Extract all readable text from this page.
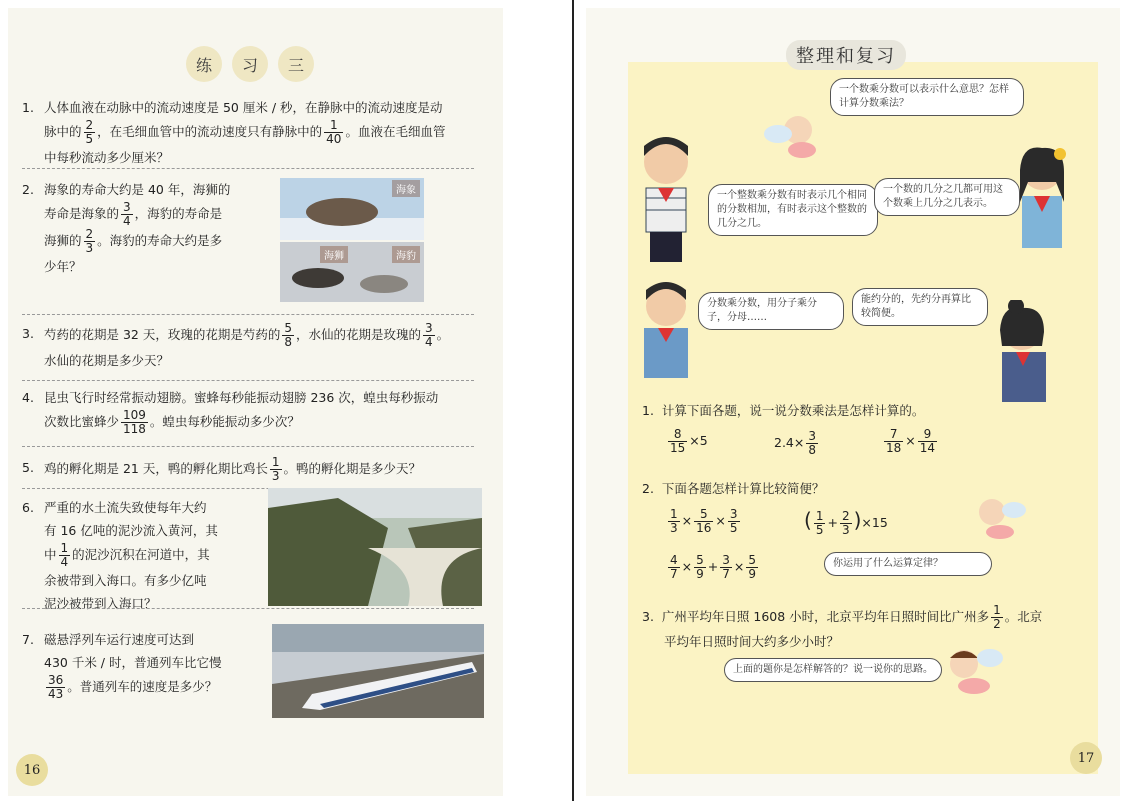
练	习	三
1. 人体血液在动脉中的流动速度是 50 厘米 / 秒，在静脉中的流动速度是动
脉中的 $\frac{2}{5}$ ，在毛细血管中的流动速度只有静脉中的 $\frac{1}{40}$ 。血液在毛细血管
中每秒流动多少厘米？
2. 海象的寿命大约是 40 年，海狮的
寿命是海象的 $\frac{3}{4}$ ，海豹的寿命是
海狮的 $\frac{2}{3}$ 。海豹的寿命大约是多
少年？
海象
海狮	海豹
3. 芍药的花期是 32 天，玫瑰的花期是芍药的 $\frac{5}{8}$ ，水仙的花期是玫瑰的 $\frac{3}{4}$ 。
水仙的花期是多少天？
4. 昆虫飞行时经常振动翅膀。蜜蜂每秒能振动翅膀 236 次，蝗虫每秒振动
次数比蜜蜂少 $\frac{109}{118}$ 。蝗虫每秒能振动多少次？
5. 鸡的孵化期是 21 天，鸭的孵化期比鸡长 $\frac{1}{3}$ 。鸭的孵化期是多少天？
6. 严重的水土流失致使每年大约
有 16 亿吨的泥沙流入黄河，其
中 $\frac{1}{4}$ 的泥沙沉积在河道中，其
余被带到入海口。有多少亿吨
泥沙被带到入海口？
7. 磁悬浮列车运行速度可达到
430 千米 / 时，普通列车比它慢
$\frac{36}{43}$ 。普通列车的速度是多少？
16
整理和复习
一个数乘分数可以表示什么意思？怎样计算分数乘法？
一个整数乘分数有时表示几个相同的分数相加，有时表示这个整数的几分之几。
一个数的几分之几都可用这个数乘上几分之几表示。
分数乘分数，用分子乘分子，分母……
能约分的，先约分再算比较简便。
1. 计算下面各题，说一说分数乘法是怎样计算的。
$\frac{8}{15} \times 5$	$2.4\times \frac{3}{8}$	$\frac{7}{18} \times \frac{9}{14}$
2. 下面各题怎样计算比较简便？
$\frac{1}{3} \times \frac{5}{16} \times \frac{3}{5}$	( $\frac{1}{5} + \frac{2}{3} )\times 15$
$\frac{4}{7} \times \frac{5}{9} + \frac{3}{7} \times \frac{5}{9}$	你运用了什么运算定律？
3. 广州平均年日照 1608 小时，北京平均年日照时间比广州多 $\frac{1}{2}$ 。北京
平均年日照时间大约多少小时？
上面的题你是怎样解答的？说一说你的思路。
17
